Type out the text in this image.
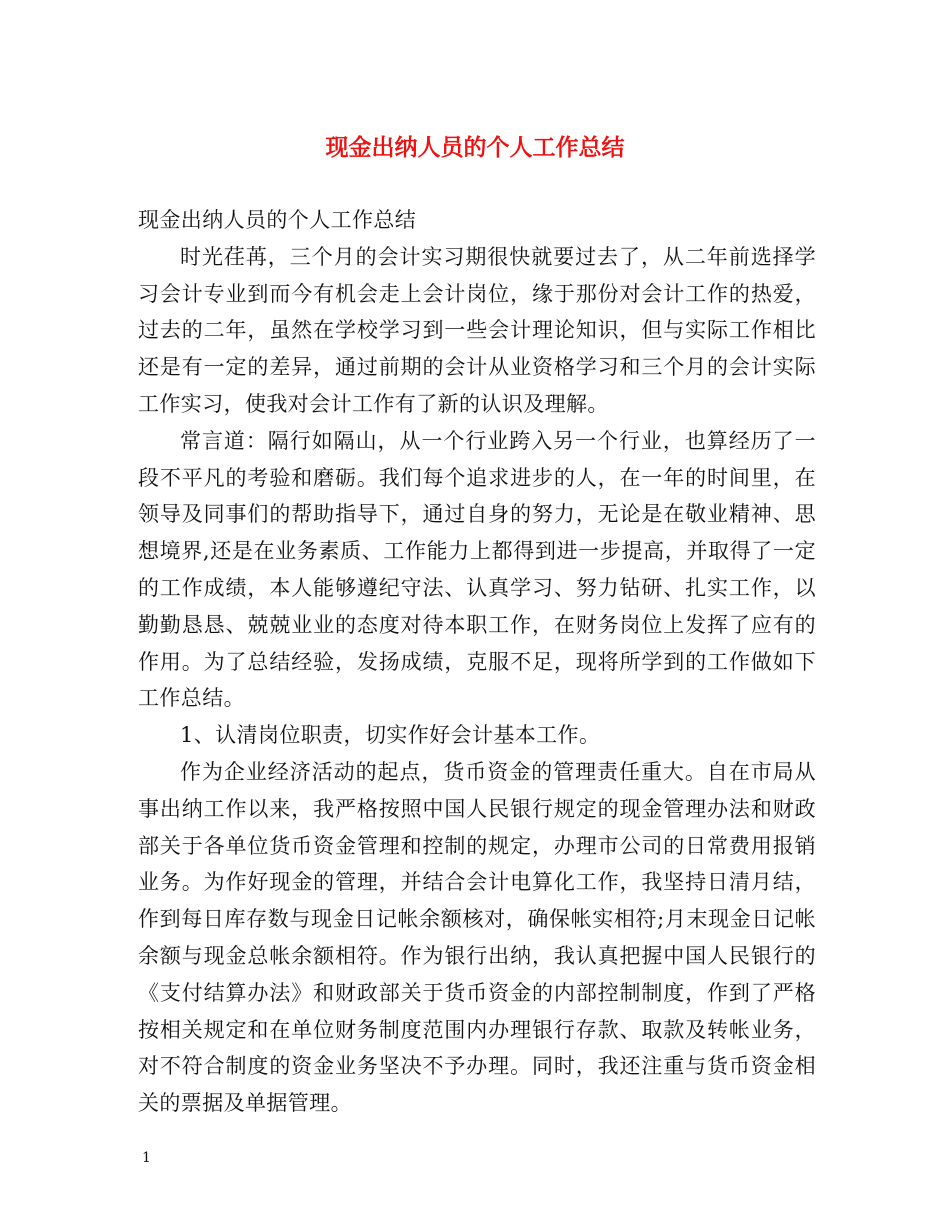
现金出纳人员的个人工作总结

现金出纳人员的个人工作总结

时光荏苒，三个月的会计实习期很快就要过去了，从二年前选择学习会计专业到而今有机会走上会计岗位，缘于那份对会计工作的热爱，过去的二年，虽然在学校学习到一些会计理论知识，但与实际工作相比还是有一定的差异，通过前期的会计从业资格学习和三个月的会计实际工作实习，使我对会计工作有了新的认识及理解。

常言道：隔行如隔山，从一个行业跨入另一个行业，也算经历了一段不平凡的考验和磨砺。我们每个追求进步的人，在一年的时间里，在领导及同事们的帮助指导下，通过自身的努力，无论是在敬业精神、思想境界,还是在业务素质、工作能力上都得到进一步提高，并取得了一定的工作成绩，本人能够遵纪守法、认真学习、努力钻研、扎实工作，以勤勤恳恳、兢兢业业的态度对待本职工作，在财务岗位上发挥了应有的作用。为了总结经验，发扬成绩，克服不足，现将所学到的工作做如下工作总结。

1、认清岗位职责，切实作好会计基本工作。

作为企业经济活动的起点，货币资金的管理责任重大。自在市局从事出纳工作以来，我严格按照中国人民银行规定的现金管理办法和财政部关于各单位货币资金管理和控制的规定，办理市公司的日常费用报销业务。为作好现金的管理，并结合会计电算化工作，我坚持日清月结，作到每日库存数与现金日记帐余额核对，确保帐实相符;月末现金日记帐余额与现金总帐余额相符。作为银行出纳，我认真把握中国人民银行的《支付结算办法》和财政部关于货币资金的内部控制制度，作到了严格按相关规定和在单位财务制度范围内办理银行存款、取款及转帐业务，对不符合制度的资金业务坚决不予办理。同时，我还注重与货币资金相关的票据及单据管理。

1
